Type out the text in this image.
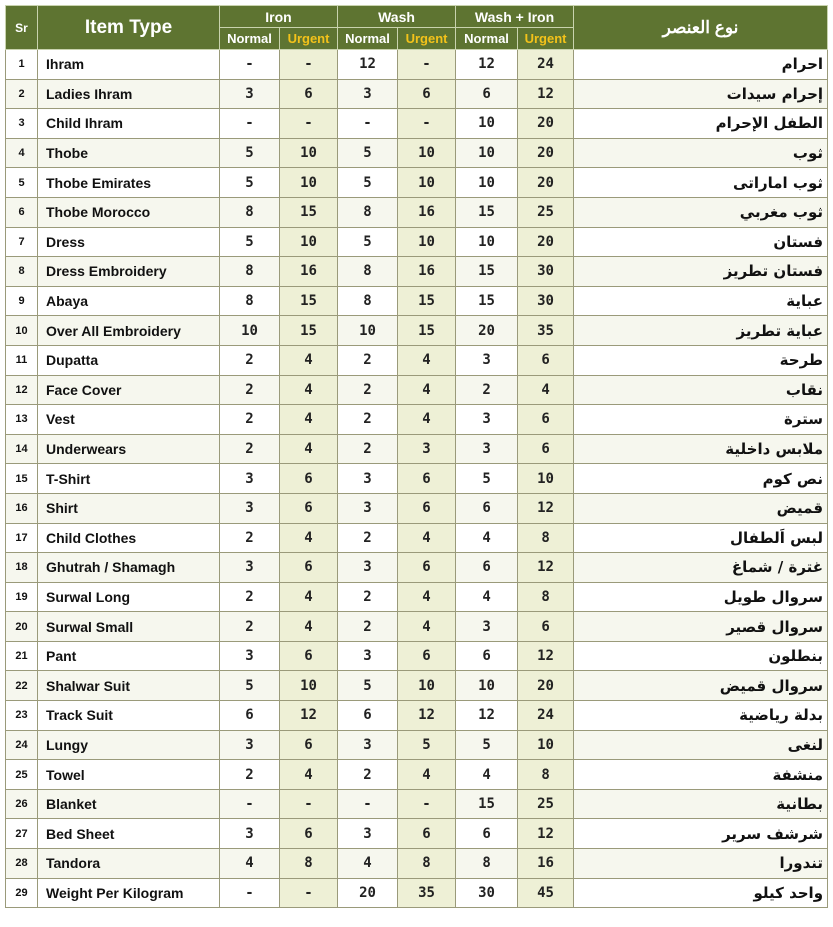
Sr	Item Type	Iron		Wash		Wash + Iron		نوع العنصر
		Normal	Urgent	Normal	Urgent	Normal	Urgent	
1	Ihram	-	-	12	-	12	24	احرام
2	Ladies Ihram	3	6	3	6	6	12	إحرام سيدات
3	Child Ihram	-	-	-	-	10	20	الطفل الإحرام
4	Thobe	5	10	5	10	10	20	ثوب
5	Thobe Emirates	5	10	5	10	10	20	ثوب اماراتى
6	Thobe Morocco	8	15	8	16	15	25	ثوب مغربي
7	Dress	5	10	5	10	10	20	فستان
8	Dress Embroidery	8	16	8	16	15	30	فستان تطريز
9	Abaya	8	15	8	15	15	30	عباية
10	Over All Embroidery	10	15	10	15	20	35	عباية تطريز
11	Dupatta	2	4	2	4	3	6	طرحة
12	Face Cover	2	4	2	4	2	4	نقاب
13	Vest	2	4	2	4	3	6	سترة
14	Underwears	2	4	2	3	3	6	ملابس داخلية
15	T-Shirt	3	6	3	6	5	10	نص كوم
16	Shirt	3	6	3	6	6	12	قميض
17	Child Clothes	2	4	2	4	4	8	لبس اَلطفال
18	Ghutrah / Shamagh	3	6	3	6	6	12	غترة / شماغ
19	Surwal Long	2	4	2	4	4	8	سروال طويل
20	Surwal Small	2	4	2	4	3	6	سروال قصير
21	Pant	3	6	3	6	6	12	بنطلون
22	Shalwar Suit	5	10	5	10	10	20	سروال قميض
23	Track Suit	6	12	6	12	12	24	بدلة رياضية
24	Lungy	3	6	3	5	5	10	لنغى
25	Towel	2	4	2	4	4	8	منشفة
26	Blanket	-	-	-	-	15	25	بطانية
27	Bed Sheet	3	6	3	6	6	12	شرشف سرير
28	Tandora	4	8	4	8	8	16	تندورا
29	Weight Per Kilogram	-	-	20	35	30	45	واحد كيلو
